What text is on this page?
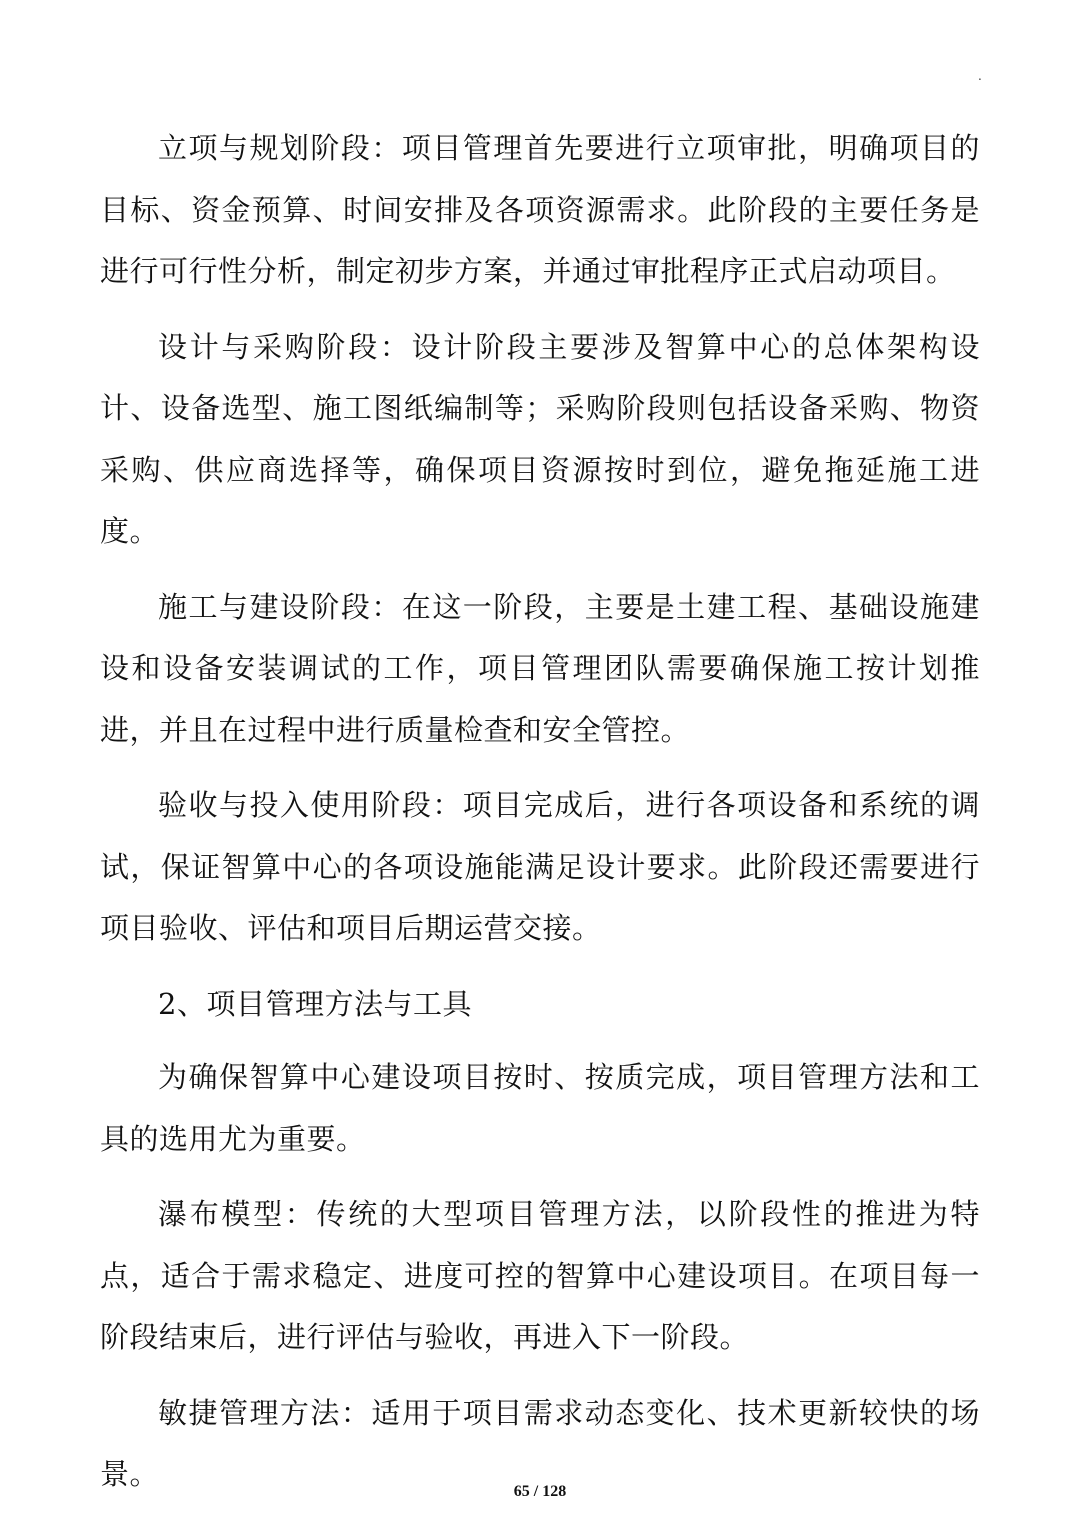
.

立项与规划阶段：项目管理首先要进行立项审批，明确项目的目标、资金预算、时间安排及各项资源需求。此阶段的主要任务是进行可行性分析，制定初步方案，并通过审批程序正式启动项目。

设计与采购阶段：设计阶段主要涉及智算中心的总体架构设计、设备选型、施工图纸编制等；采购阶段则包括设备采购、物资采购、供应商选择等，确保项目资源按时到位，避免拖延施工进度。

施工与建设阶段：在这一阶段，主要是土建工程、基础设施建设和设备安装调试的工作，项目管理团队需要确保施工按计划推进，并且在过程中进行质量检查和安全管控。

验收与投入使用阶段：项目完成后，进行各项设备和系统的调试，保证智算中心的各项设施能满足设计要求。此阶段还需要进行项目验收、评估和项目后期运营交接。

2、项目管理方法与工具

为确保智算中心建设项目按时、按质完成，项目管理方法和工具的选用尤为重要。

瀑布模型：传统的大型项目管理方法，以阶段性的推进为特点，适合于需求稳定、进度可控的智算中心建设项目。在项目每一阶段结束后，进行评估与验收，再进入下一阶段。

敏捷管理方法：适用于项目需求动态变化、技术更新较快的场景。

65 / 128
